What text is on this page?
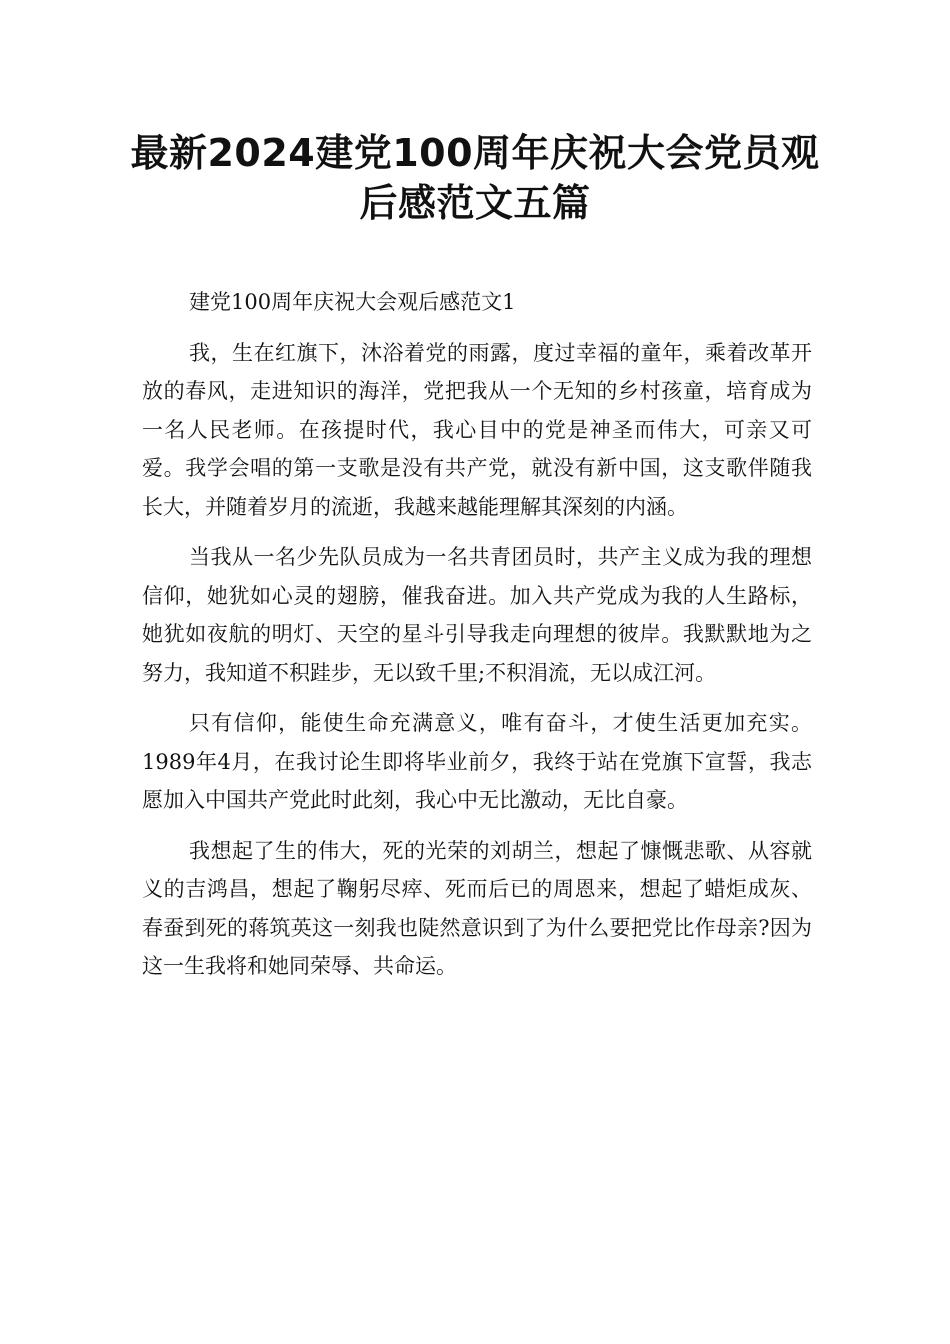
最新2024建党100周年庆祝大会党员观
后感范文五篇

建党100周年庆祝大会观后感范文1

我，生在红旗下，沐浴着党的雨露，度过幸福的童年，乘着改革开放的春风，走进知识的海洋，党把我从一个无知的乡村孩童，培育成为一名人民老师。在孩提时代，我心目中的党是神圣而伟大，可亲又可爱。我学会唱的第一支歌是没有共产党，就没有新中国，这支歌伴随我长大，并随着岁月的流逝，我越来越能理解其深刻的内涵。

当我从一名少先队员成为一名共青团员时，共产主义成为我的理想信仰，她犹如心灵的翅膀，催我奋进。加入共产党成为我的人生路标，她犹如夜航的明灯、天空的星斗引导我走向理想的彼岸。我默默地为之努力，我知道不积跬步，无以致千里;不积涓流，无以成江河。

只有信仰，能使生命充满意义，唯有奋斗，才使生活更加充实。1989年4月，在我讨论生即将毕业前夕，我终于站在党旗下宣誓，我志愿加入中国共产党此时此刻，我心中无比激动，无比自豪。

我想起了生的伟大，死的光荣的刘胡兰，想起了慷慨悲歌、从容就义的吉鸿昌，想起了鞠躬尽瘁、死而后已的周恩来，想起了蜡炬成灰、春蚕到死的蒋筑英这一刻我也陡然意识到了为什么要把党比作母亲?因为这一生我将和她同荣辱、共命运。
